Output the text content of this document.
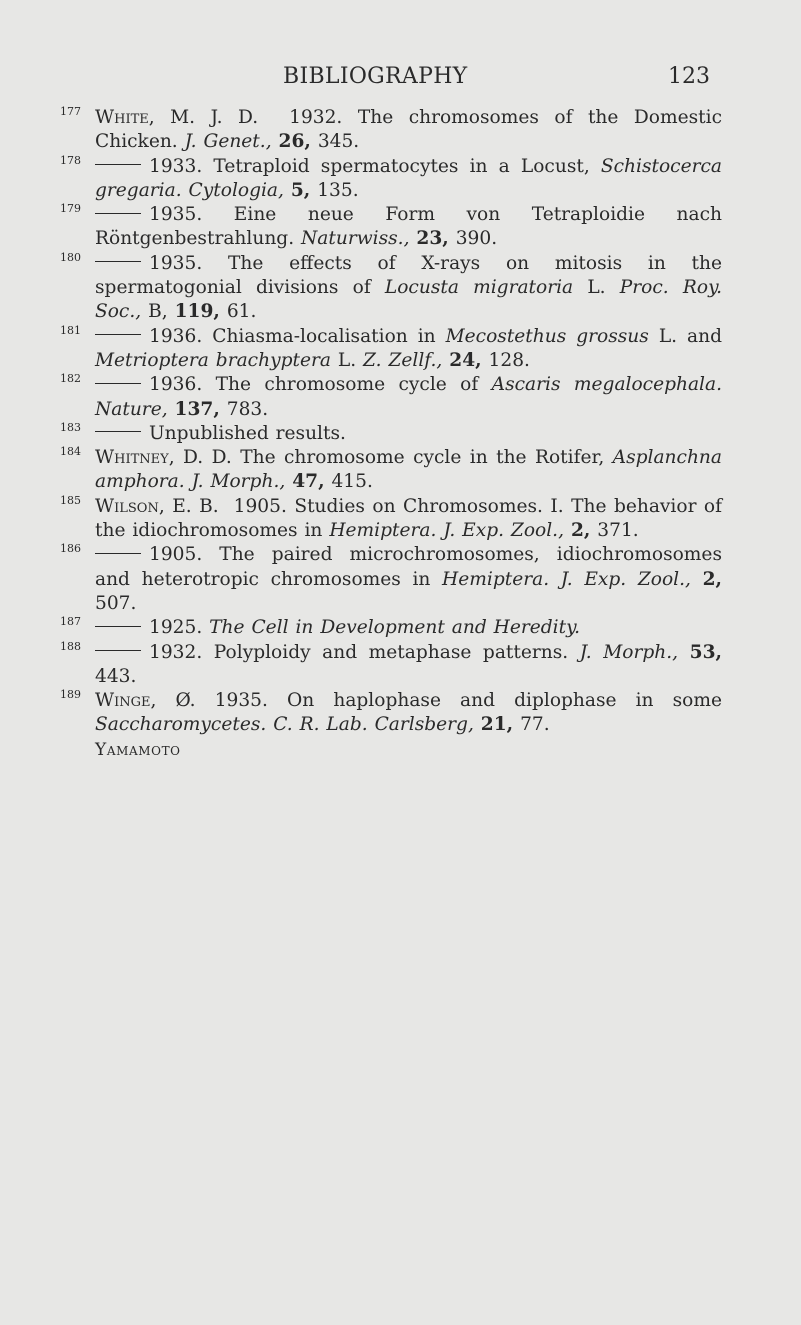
BIBLIOGRAPHY	123
177 White, M. J. D. 1932. The chromosomes of the Domestic Chicken. J. Genet., 26, 345.
178	1933. Tetraploid spermatocytes in a Locust, Schistocerca gregaria. Cytologia, 5, 135.
179	1935. Eine neue Form von Tetraploidie nach Röntgenbestrahlung. Naturwiss., 23, 390.
180	1935. The effects of X-rays on mitosis in the spermatogonial divisions of Locusta migratoria L. Proc. Roy. Soc., B, 119, 61.
181	1936. Chiasma-localisation in Mecostethus grossus L. and Metrioptera brachyptera L. Z. Zellf., 24, 128.
182	1936. The chromosome cycle of Ascaris megalocephala. Nature, 137, 783.
183	Unpublished results.
184 Whitney, D. D. The chromosome cycle in the Rotifer, Asplanchna amphora. J. Morph., 47, 415.
185 Wilson, E. B. 1905. Studies on Chromosomes. I. The behavior of the idiochromosomes in Hemiptera. J. Exp. Zool., 2, 371.
186	1905. The paired microchromosomes, idiochromosomes and heterotropic chromosomes in Hemiptera. J. Exp. Zool., 2, 507.
187	1925. The Cell in Development and Heredity.
188	1932. Polyploidy and metaphase patterns. J. Morph., 53, 443.
189 Winge, Ø. 1935. On haplophase and diplophase in some Saccharomycetes. C. R. Lab. Carlsberg, 21, 77.
Yamamoto
